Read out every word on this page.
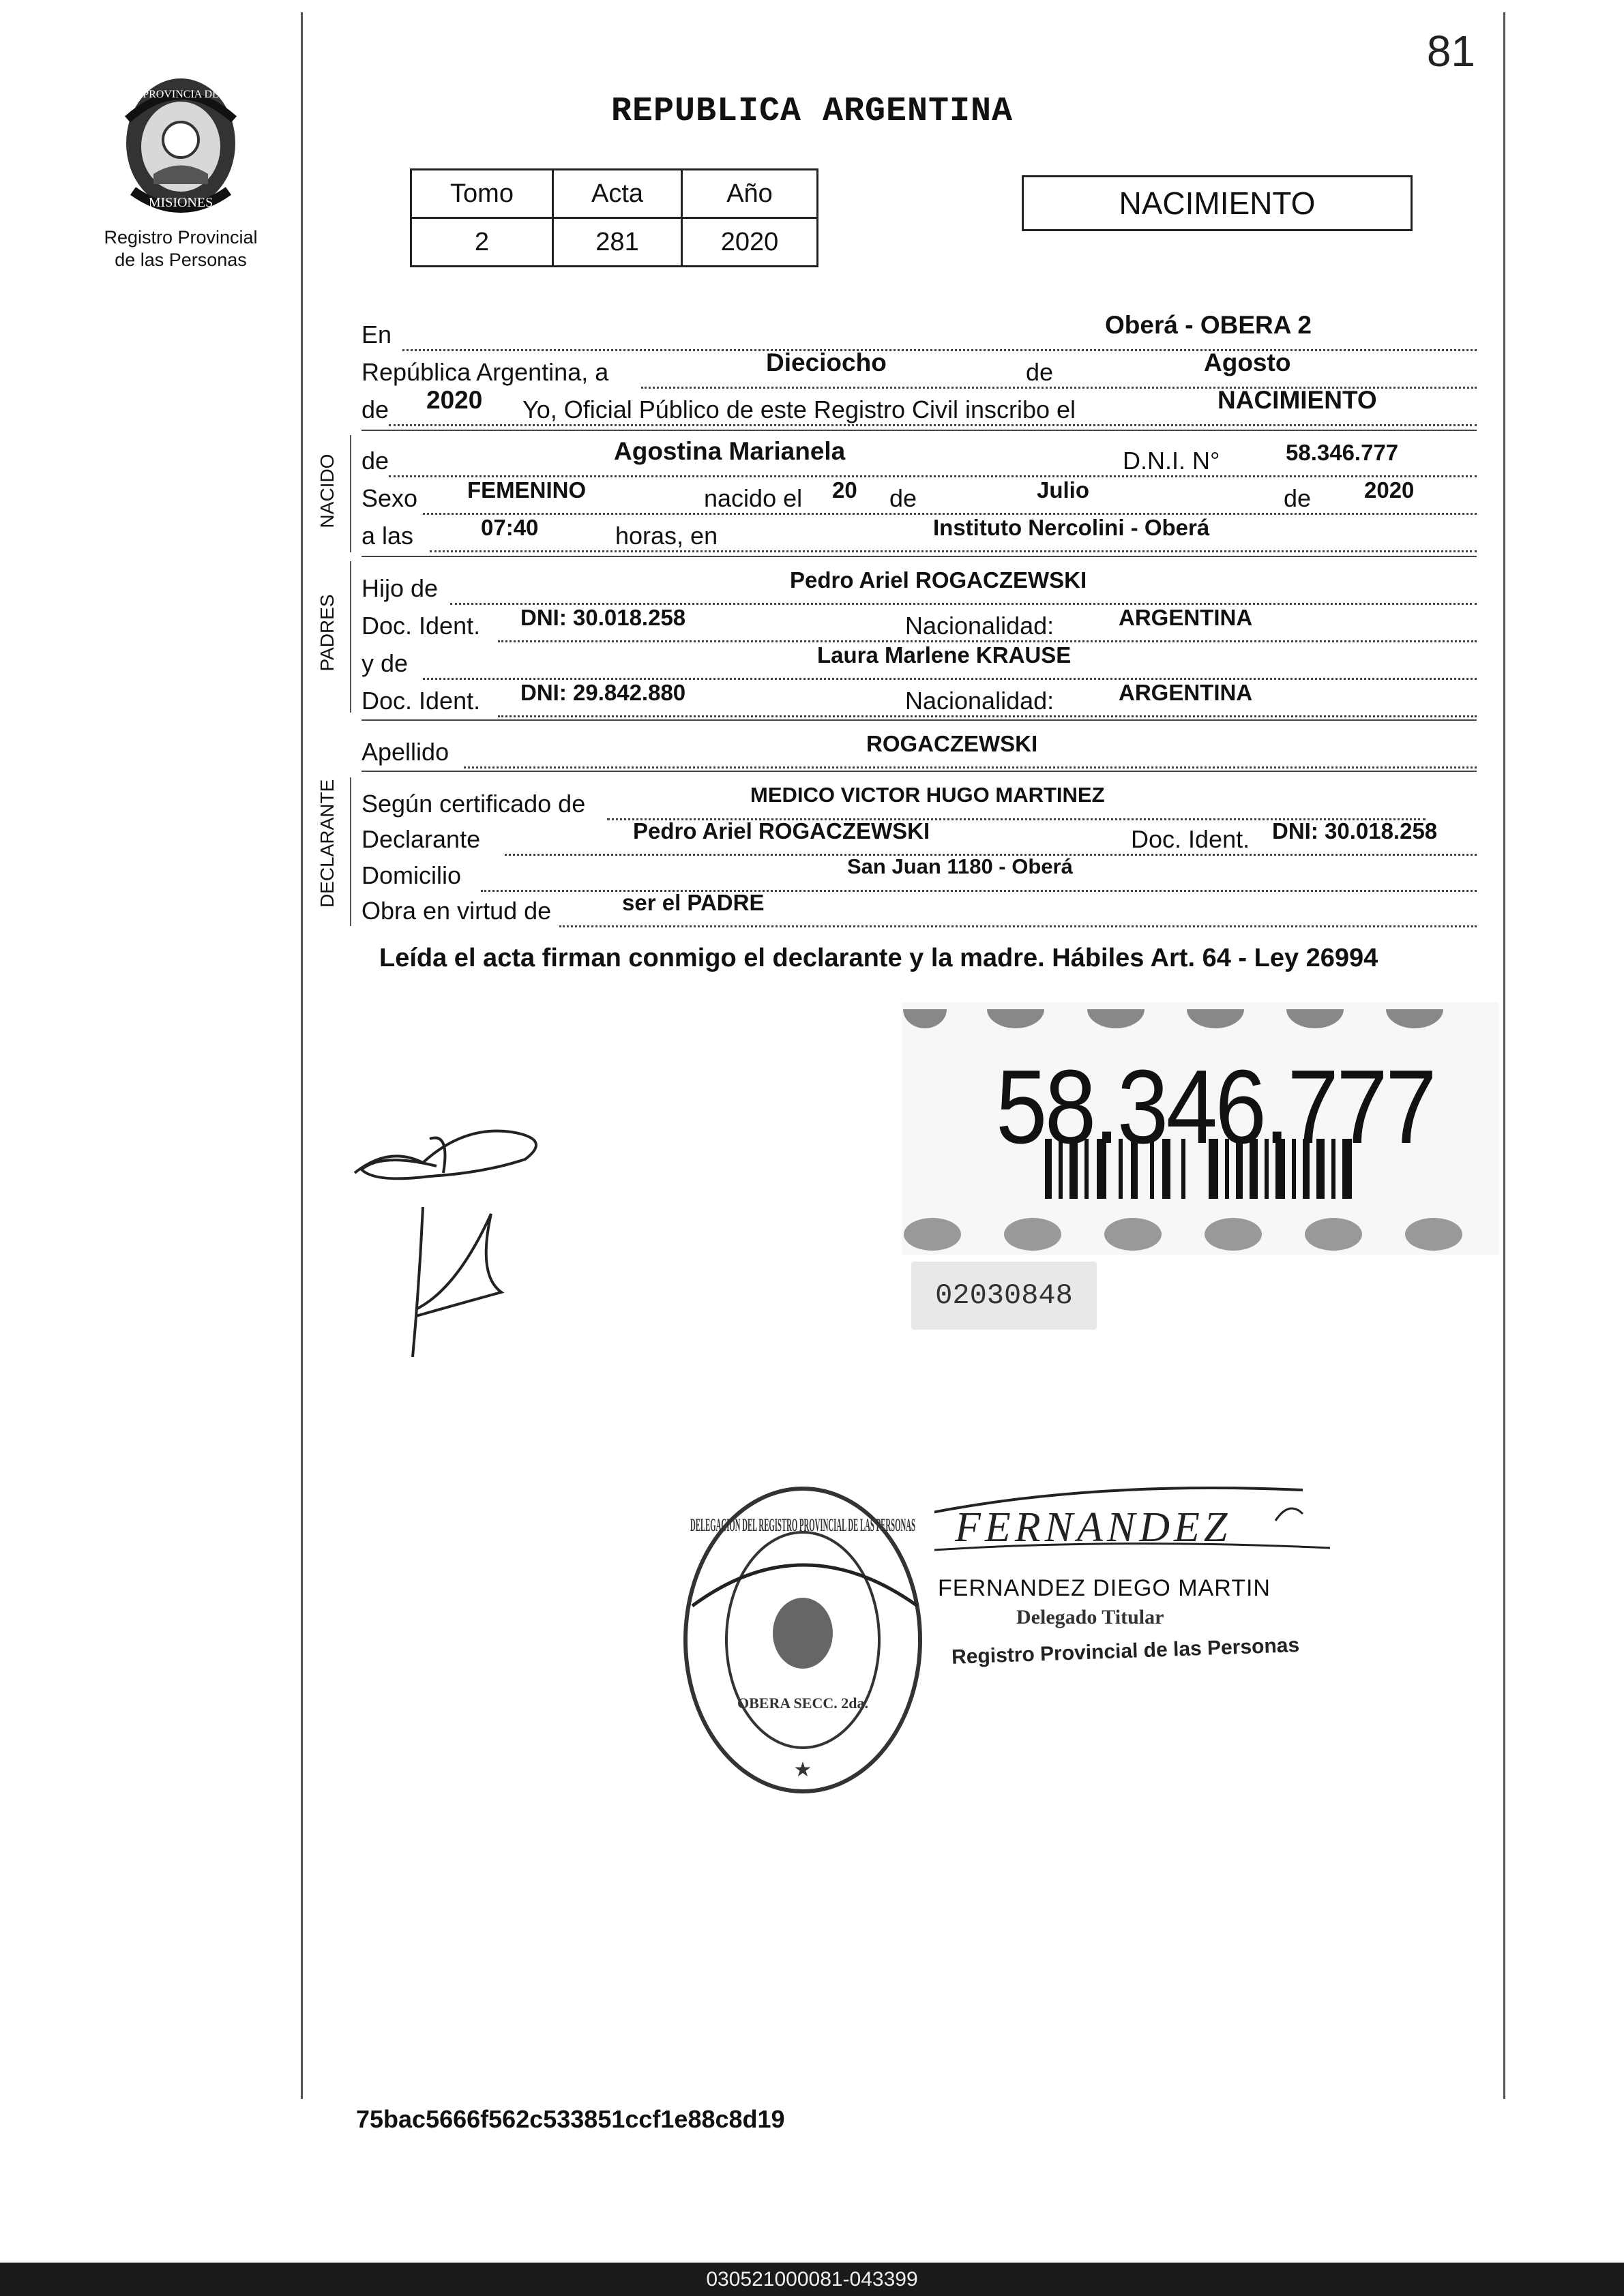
81
REPUBLICA ARGENTINA
PROVINCIA DE
MISIONES
Registro Provincial
de las Personas
Tomo	Acta	Año
2	281	2020
NACIMIENTO
En	Oberá - OBERA 2
República Argentina, a	Dieciocho	de	Agosto
de 2020 Yo, Oficial Público de este Registro Civil inscribo el	NACIMIENTO
NACIDO de	Agostina Marianela	D.N.I. N°	58.346.777
Sexo FEMENINO	nacido el 20 de	Julio	de 2020
a las	07:40	horas, en	Instituto Nercolini - Oberá
PADRES
Hijo de	Pedro Ariel ROGACZEWSKI
Doc. Ident. DNI: 30.018.258	Nacionalidad:	ARGENTINA
y de	Laura Marlene KRAUSE
Doc. Ident. DNI: 29.842.880	Nacionalidad:	ARGENTINA
Apellido	ROGACZEWSKI
DECLARANTE Según certificado de	MEDICO VICTOR HUGO MARTINEZ
Declarante	Pedro Ariel ROGACZEWSKI	Doc. Ident. DNI: 30.018.258
Domicilio	San Juan 1180 - Oberá
Obra en virtud de	ser el PADRE
Leída el acta firman conmigo el declarante y la madre. Hábiles Art. 64 - Ley 26994
58.346.777
02030848
DELEGACION DEL REGISTRO PROVINCIAL DE LAS PERSONAS
OBERA SECC. 2da.
★
FERNANDEZ
FERNANDEZ DIEGO MARTIN
Delegado Titular
Registro Provincial de las Personas
75bac5666f562c533851ccf1e88c8d19
030521000081-043399
